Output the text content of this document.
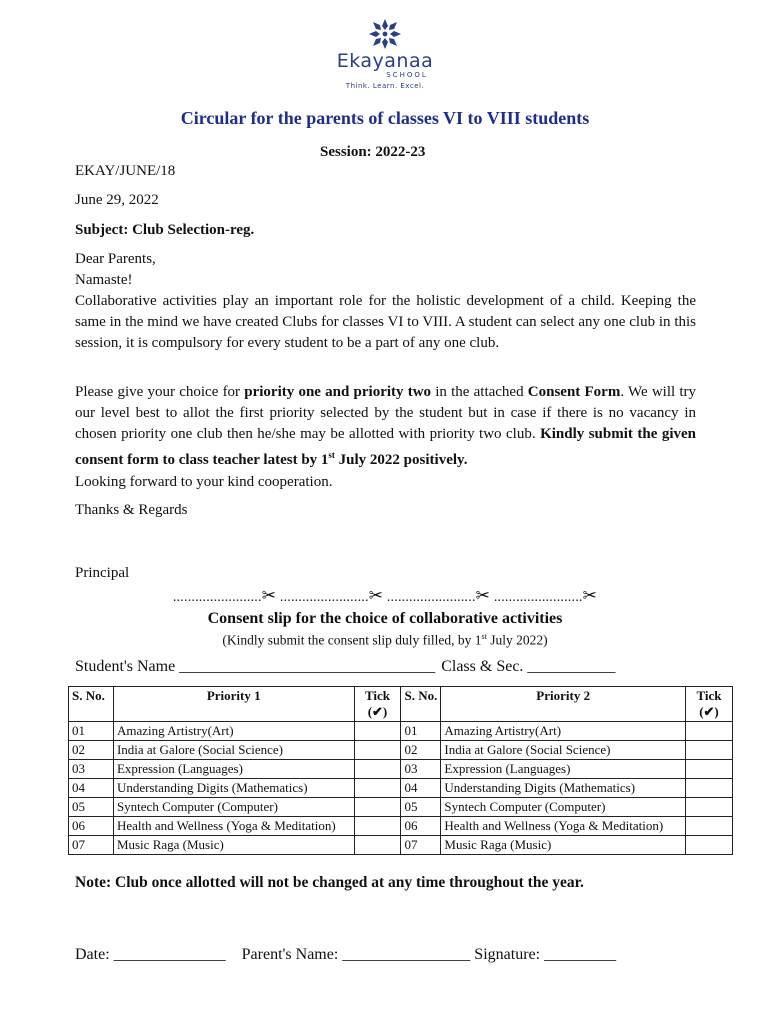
Ekayanaa
SCHOOL
Think. Learn. Excel.
Circular for the parents of classes VI to VIII students
Session: 2022-23
EKAY/JUNE/18
June 29, 2022
Subject: Club Selection-reg.
Dear Parents,
Namaste!
Collaborative activities play an important role for the holistic development of a child. Keeping the same in the mind we have created Clubs for classes VI to VIII. A student can select any one club in this session, it is compulsory for every student to be a part of any one club.
Please give your choice for priority one and priority two in the attached Consent Form. We will try our level best to allot the first priority selected by the student but in case if there is no vacancy in chosen priority one club then he/she may be allotted with priority two club. Kindly submit the given consent form to class teacher latest by 1st July 2022 positively.
Looking forward to your kind cooperation.
Thanks & Regards
Principal
........................✂ ........................✂ ........................✂ ........................✂
Consent slip for the choice of collaborative activities
(Kindly submit the consent slip duly filled, by 1st July 2022)
Student's Name ________________________________ Class & Sec. ___________
S. No.	Priority 1	Tick (✔)	S. No.	Priority 2	Tick (✔)
01	Amazing Artistry(Art)		01	Amazing Artistry(Art)	
02	India at Galore (Social Science)		02	India at Galore (Social Science)	
03	Expression (Languages)		03	Expression (Languages)	
04	Understanding Digits (Mathematics)		04	Understanding Digits (Mathematics)	
05	Syntech Computer (Computer)		05	Syntech Computer (Computer)	
06	Health and Wellness (Yoga & Meditation)		06	Health and Wellness (Yoga & Meditation)	
07	Music Raga (Music)		07	Music Raga (Music)	
Note: Club once allotted will not be changed at any time throughout the year.
Date: ______________ Parent's Name: ________________ Signature: _________
